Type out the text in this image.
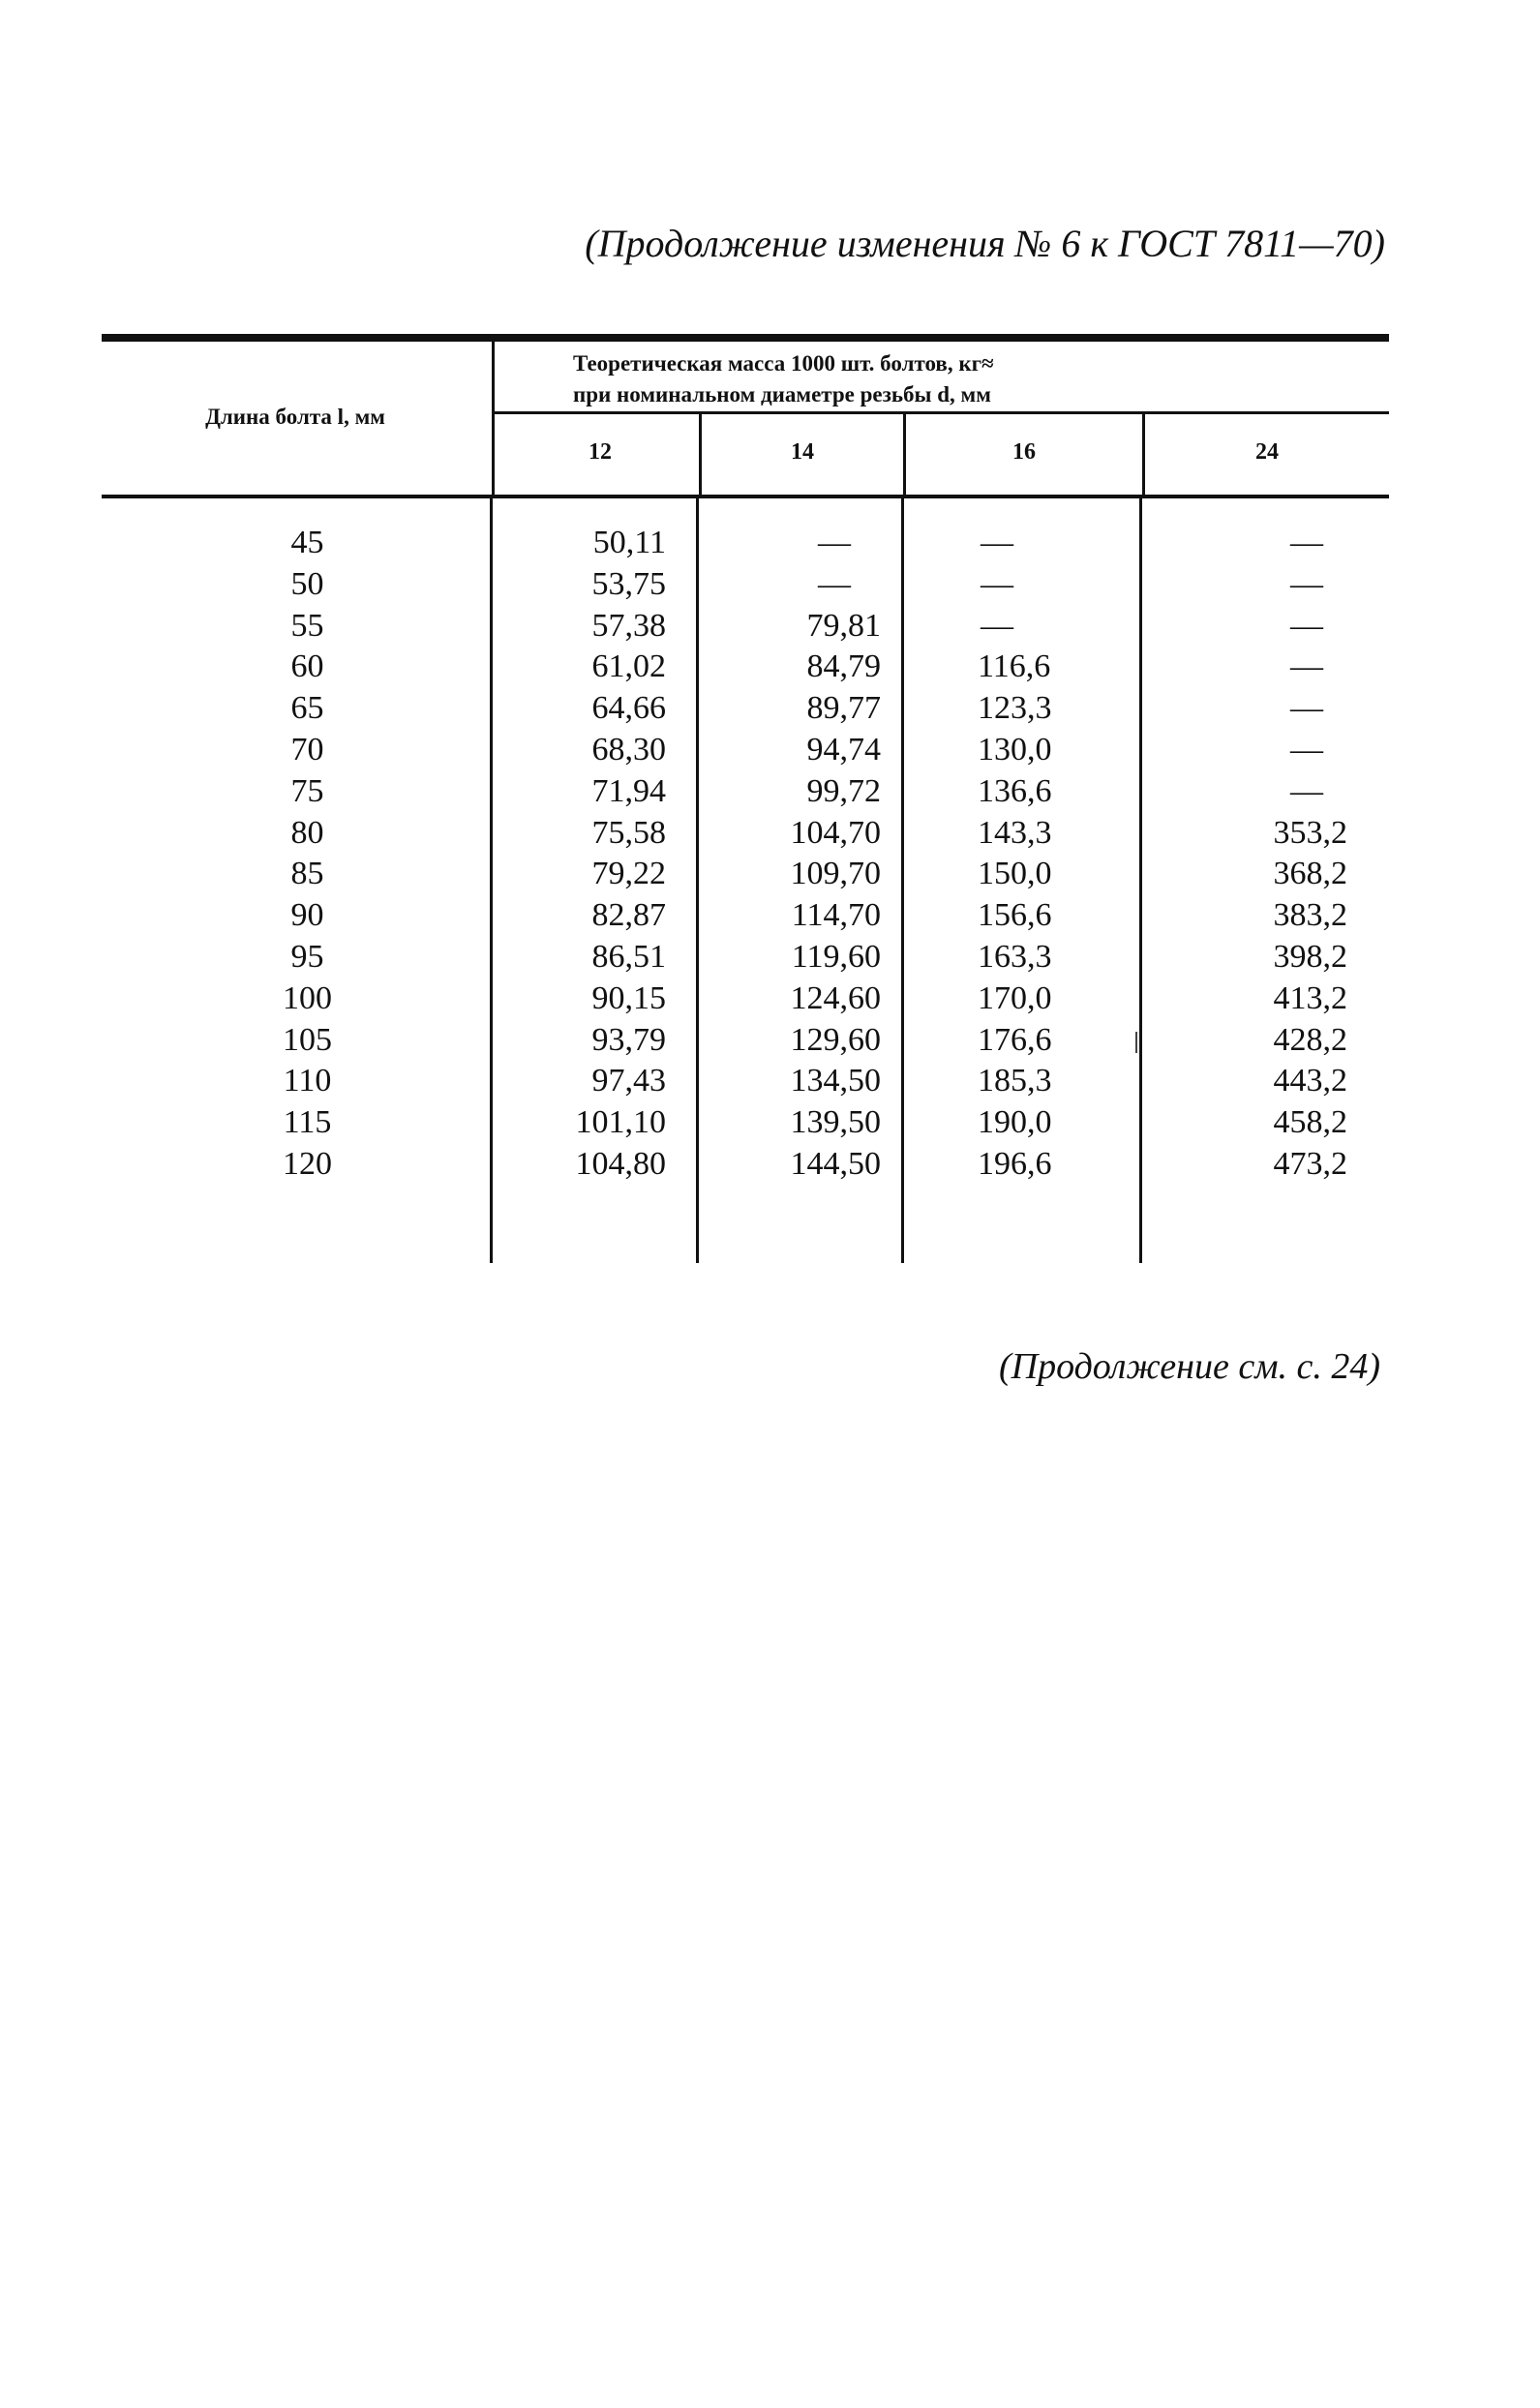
(Продолжение изменения № 6 к ГОСТ 7811—70)
Длина болта l, мм
Теоретическая масса 1000 шт. болтов, кг≈
при номинальном диаметре резьбы d, мм
12	14	16	24
45	50,11	—	—	—
50	53,75	—	—	—
55	57,38	79,81	—	—
60	61,02	84,79	116,6	—
65	64,66	89,77	123,3	—
70	68,30	94,74	130,0	—
75	71,94	99,72	136,6	—
80	75,58	104,70	143,3	353,2
85	79,22	109,70	150,0	368,2
90	82,87	114,70	156,6	383,2
95	86,51	119,60	163,3	398,2
100	90,15	124,60	170,0	413,2
105	93,79	129,60	176,6	428,2
110	97,43	134,50	185,3	443,2
115	101,10	139,50	190,0	458,2
120	104,80	144,50	196,6	473,2
(Продолжение см. с. 24)
